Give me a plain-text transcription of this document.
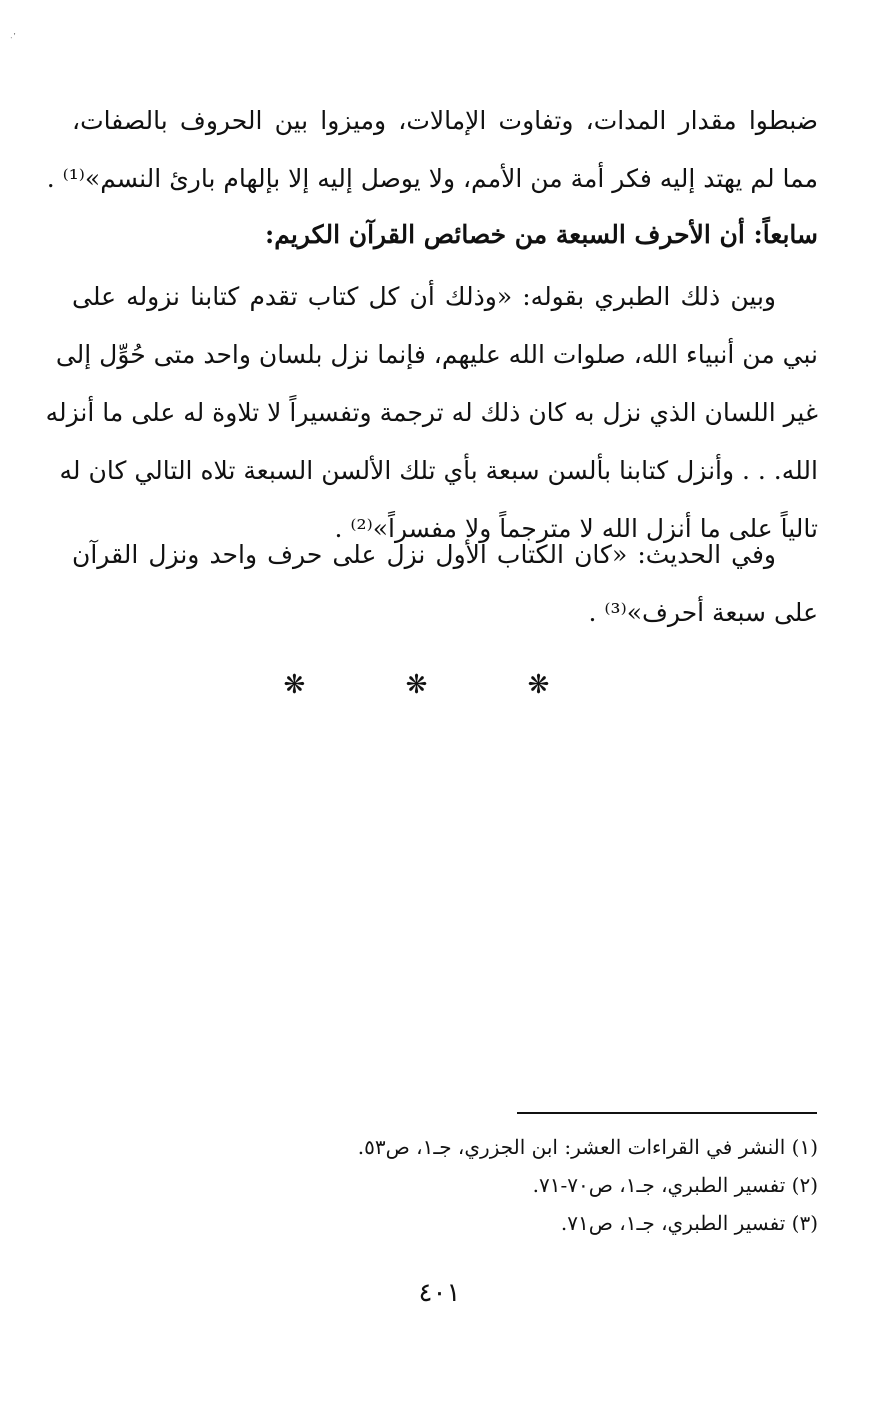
ᐧ᾿
ضبطوا مقدار المدات، وتفاوت الإمالات، وميزوا بين الحروف بالصفات،
مما لم يهتد إليه فكر أمة من الأمم، ولا يوصل إليه إلا بإلهام بارئ النسم»⁽¹⁾ .
سابعاً: أن الأحرف السبعة من خصائص القرآن الكريم:
وبين ذلك الطبري بقوله: «وذلك أن كل كتاب تقدم كتابنا نزوله على
نبي من أنبياء الله، صلوات الله عليهم، فإنما نزل بلسان واحد متى حُوِّل إلى
غير اللسان الذي نزل به كان ذلك له ترجمة وتفسيراً لا تلاوة له على ما أنزله
الله. . . وأنزل كتابنا بألسن سبعة بأي تلك الألسن السبعة تلاه التالي كان له
تالياً على ما أنزل الله لا مترجماً ولا مفسراً»⁽²⁾ .
وفي الحديث: «كان الكتاب الأول نزل على حرف واحد ونزل القرآن
على سبعة أحرف»⁽³⁾ .
❋ ❋ ❋
(١) النشر في القراءات العشر: ابن الجزري، جـ١، ص٥٣.
(٢) تفسير الطبري، جـ١، ص٧٠-٧١.
(٣) تفسير الطبري، جـ١، ص٧١.
٤٠١
